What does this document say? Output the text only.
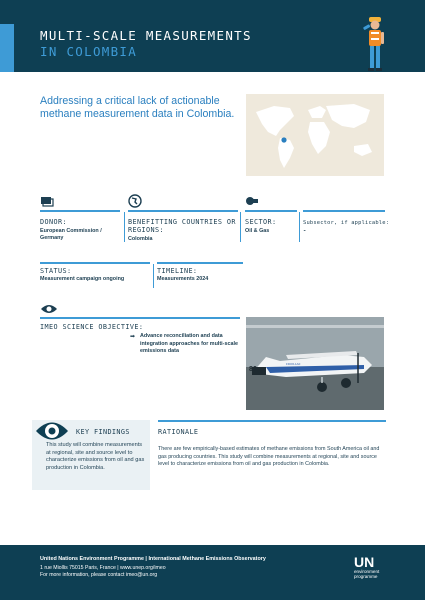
MULTI-SCALE MEASUREMENTS
IN COLOMBIA
Addressing a critical lack of actionable methane measurement data in Colombia.
DONOR:
European Commission / Germany
BENEFITTING COUNTRIES OR REGIONS:
Colombia
SECTOR:
Oil & Gas
Subsector, if applicable:
-
STATUS:
Measurement campaign ongoing
TIMELINE:
Measurements 2024
IMEO SCIENCE OBJECTIVE:
➡ Advance reconciliation and data integration approaches for multi-scale emissions data
86
FDO6-1AF
KEY FINDINGS
This study will combine measurements at regional, site and source level to characterize emissions from oil and gas production in Colombia.
RATIONALE
There are few empirically-based estimates of methane emissions from South America oil and gas producing countries. This study will combine measurements at regional, site and source level to characterize emissions from oil and gas production in Colombia.
United Nations Environment Programme | International Methane Emissions Observatory
1 rue Miollis 75015 Paris, France | www.unep.org/imeo
For more information, please contact imeo@un.org
UN
environment programme
